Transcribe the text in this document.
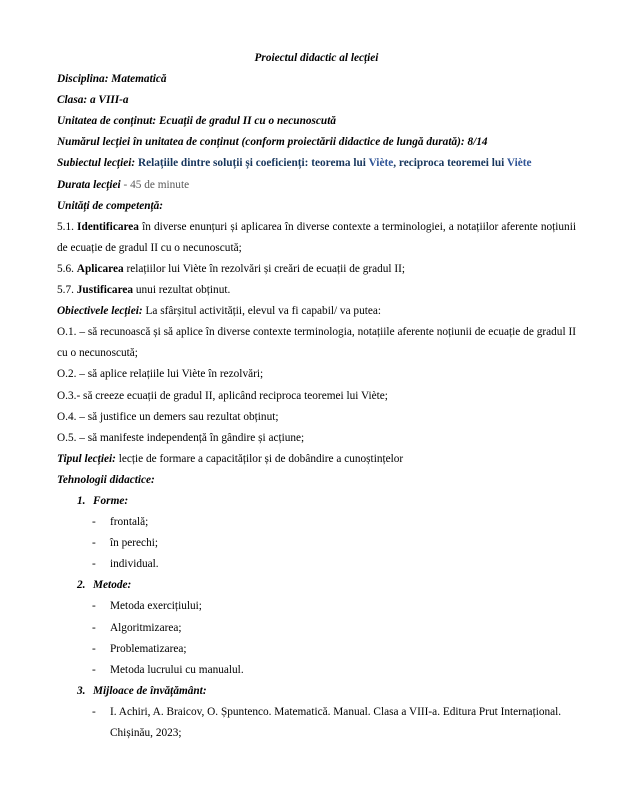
Proiectul didactic al lecției

Disciplina: Matematică

Clasa: a VIII-a

Unitatea de conținut: Ecuații de gradul II cu o necunoscută

Numărul lecției în unitatea de conținut (conform proiectării didactice de lungă durată): 8/14

Subiectul lecției: Relațiile dintre soluții și coeficienți: teorema lui Viète, reciproca teoremei lui Viète

Durata lecției - 45 de minute

Unități de competență:

5.1. Identificarea în diverse enunțuri și aplicarea în diverse contexte a terminologiei, a notațiilor aferente noțiunii de ecuație de gradul II cu o necunoscută;

5.6. Aplicarea relațiilor lui Viète în rezolvări și creări de ecuații de gradul II;

5.7. Justificarea unui rezultat obținut.

Obiectivele lecției: La sfârșitul activității, elevul va fi capabil/ va putea:

O.1. – să recunoască și să aplice în diverse contexte terminologia, notațiile aferente noțiunii de ecuație de gradul II cu o necunoscută;

O.2. – să aplice relațiile lui Viète în rezolvări;

O.3.- să creeze ecuații de gradul II, aplicând reciproca teoremei lui Viète;

O.4. – să justifice un demers sau rezultat obținut;

O.5. – să manifeste independență în gândire și acțiune;

Tipul lecției: lecție de formare a capacităților și de dobândire a cunoștințelor

Tehnologii didactice:

1. Forme:
-	frontală;
-	în perechi;
-	individual.
2. Metode:
-	Metoda exercițiului;
-	Algoritmizarea;
-	Problematizarea;
-	Metoda lucrului cu manualul.
3. Mijloace de învățământ:
-	I. Achiri, A. Braicov, O. Șpuntenco. Matematică. Manual. Clasa a VIII-a. Editura Prut Internațional. Chișinău, 2023;
